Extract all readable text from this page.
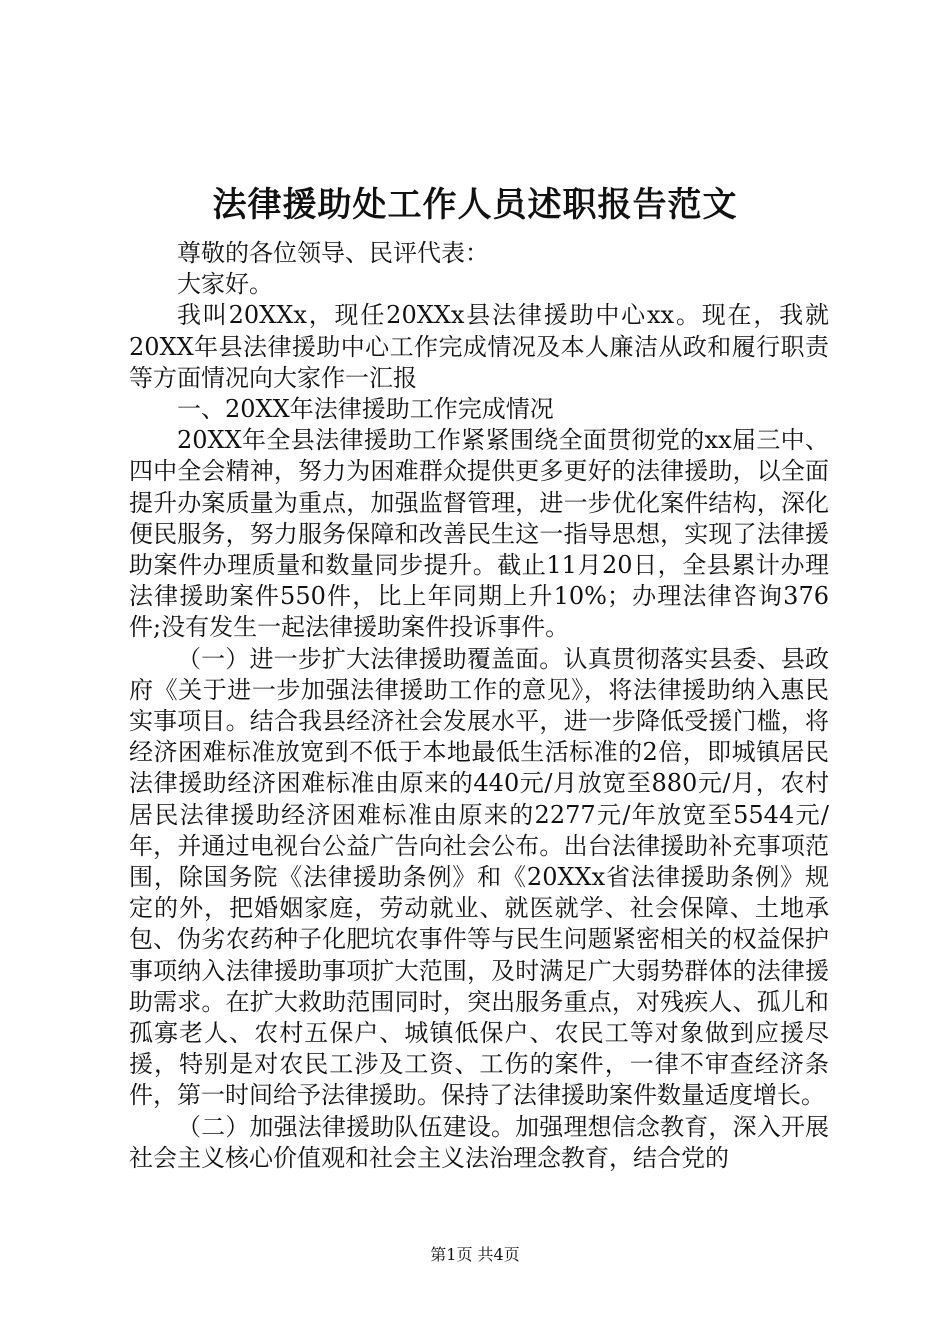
法律援助处工作人员述职报告范文

尊敬的各位领导、民评代表：

大家好。

我叫20XXx，现任20XXx县法律援助中心xx。现在，我就20XX年县法律援助中心工作完成情况及本人廉洁从政和履行职责等方面情况向大家作一汇报

一、20XX年法律援助工作完成情况

20XX年全县法律援助工作紧紧围绕全面贯彻党的xx届三中、四中全会精神，努力为困难群众提供更多更好的法律援助，以全面提升办案质量为重点，加强监督管理，进一步优化案件结构，深化便民服务，努力服务保障和改善民生这一指导思想，实现了法律援助案件办理质量和数量同步提升。截止11月20日，全县累计办理法律援助案件550件，比上年同期上升10%；办理法律咨询376件;没有发生一起法律援助案件投诉事件。

（一）进一步扩大法律援助覆盖面。认真贯彻落实县委、县政府《关于进一步加强法律援助工作的意见》，将法律援助纳入惠民实事项目。结合我县经济社会发展水平，进一步降低受援门槛，将经济困难标准放宽到不低于本地最低生活标准的2倍，即城镇居民法律援助经济困难标准由原来的440元/月放宽至880元/月，农村居民法律援助经济困难标准由原来的2277元/年放宽至5544元/年，并通过电视台公益广告向社会公布。出台法律援助补充事项范围，除国务院《法律援助条例》和《20XXx省法律援助条例》规定的外，把婚姻家庭，劳动就业、就医就学、社会保障、土地承包、伪劣农药种子化肥坑农事件等与民生问题紧密相关的权益保护事项纳入法律援助事项扩大范围，及时满足广大弱势群体的法律援助需求。在扩大救助范围同时，突出服务重点，对残疾人、孤儿和孤寡老人、农村五保户、城镇低保户、农民工等对象做到应援尽援，特别是对农民工涉及工资、工伤的案件，一律不审查经济条件，第一时间给予法律援助。保持了法律援助案件数量适度增长。

（二）加强法律援助队伍建设。加强理想信念教育，深入开展社会主义核心价值观和社会主义法治理念教育，结合党的

第1页 共4页
